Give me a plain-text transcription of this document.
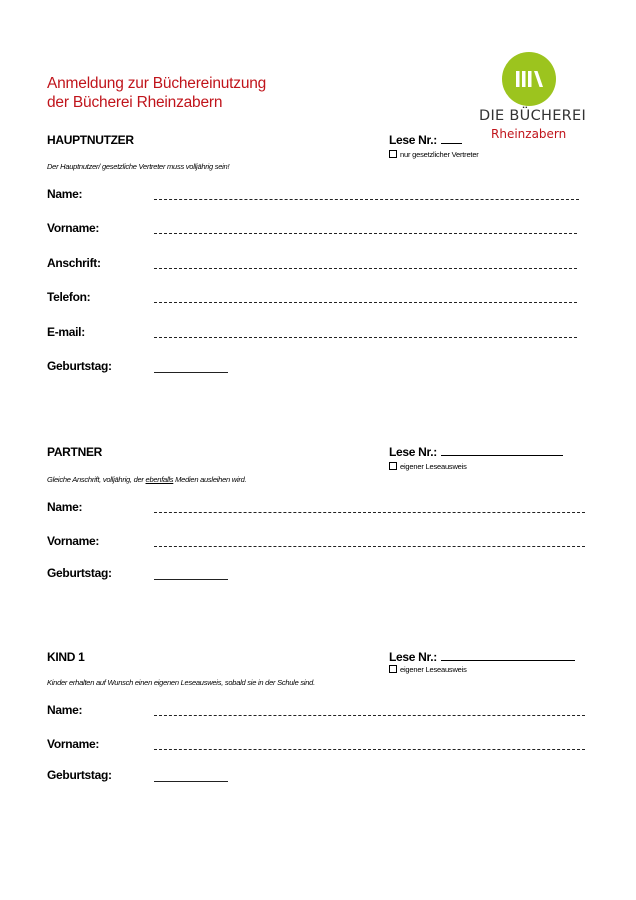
Anmeldung zur Büchereinutzung
der Bücherei Rheinzabern
DIE BÜCHEREI
Rheinzabern
HAUPTNUTZER	Lese Nr.:
nur gesetzlicher Vertreter
Der Hauptnutzer/ gesetzliche Vertreter muss volljährig sein!
Name:
Vorname:
Anschrift:
Telefon:
E-mail:
Geburtstag:
PARTNER	Lese Nr.:
eigener Leseausweis
Gleiche Anschrift, volljährig, der ebenfalls Medien ausleihen wird.
Name:
Vorname:
Geburtstag:
KIND 1	Lese Nr.:
eigener Leseausweis
Kinder erhalten auf Wunsch einen eigenen Leseausweis, sobald sie in der Schule sind.
Name:
Vorname:
Geburtstag:
